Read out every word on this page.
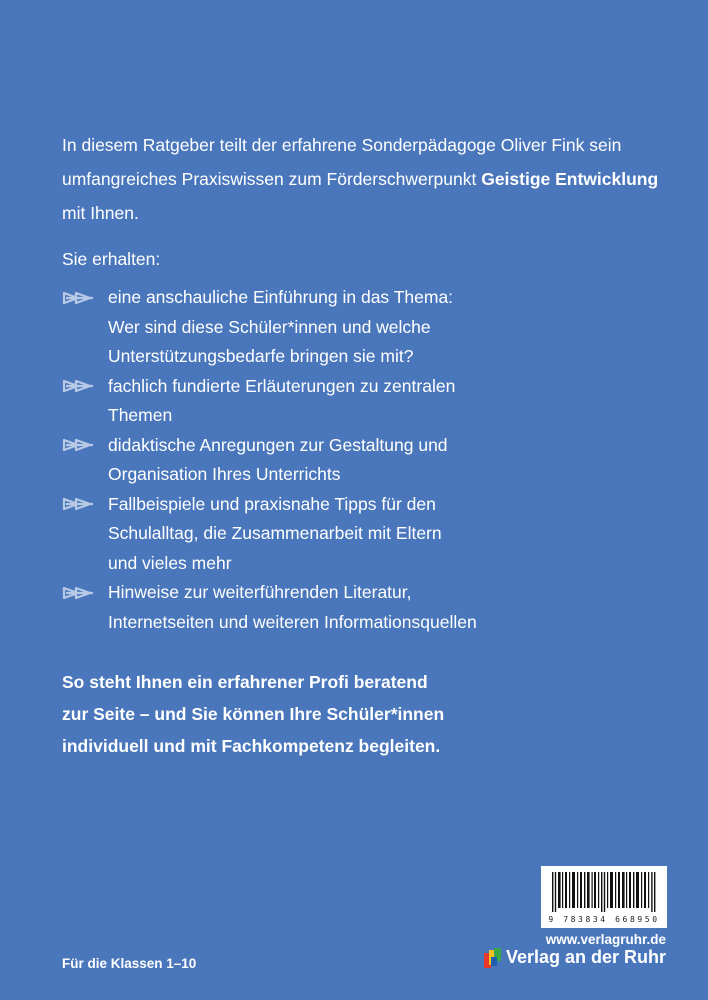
In diesem Ratgeber teilt der erfahrene Sonderpädagoge Oliver Fink sein umfangreiches Praxiswissen zum Förderschwerpunkt Geistige Entwicklung mit Ihnen.
Sie erhalten:
eine anschauliche Einführung in das Thema:
Wer sind diese Schüler*innen und welche
Unterstützungsbedarfe bringen sie mit?
fachlich fundierte Erläuterungen zu zentralen
Themen
didaktische Anregungen zur Gestaltung und
Organisation Ihres Unterrichts
Fallbeispiele und praxisnahe Tipps für den
Schulalltag, die Zusammenarbeit mit Eltern
und vieles mehr
Hinweise zur weiterführenden Literatur,
Internetseiten und weiteren Informationsquellen
So steht Ihnen ein erfahrener Profi beratend
zur Seite – und Sie können Ihre Schüler*innen
individuell und mit Fachkompetenz begleiten.
Für die Klassen 1–10
9 783834 668950
www.verlagruhr.de
Verlag an der Ruhr
